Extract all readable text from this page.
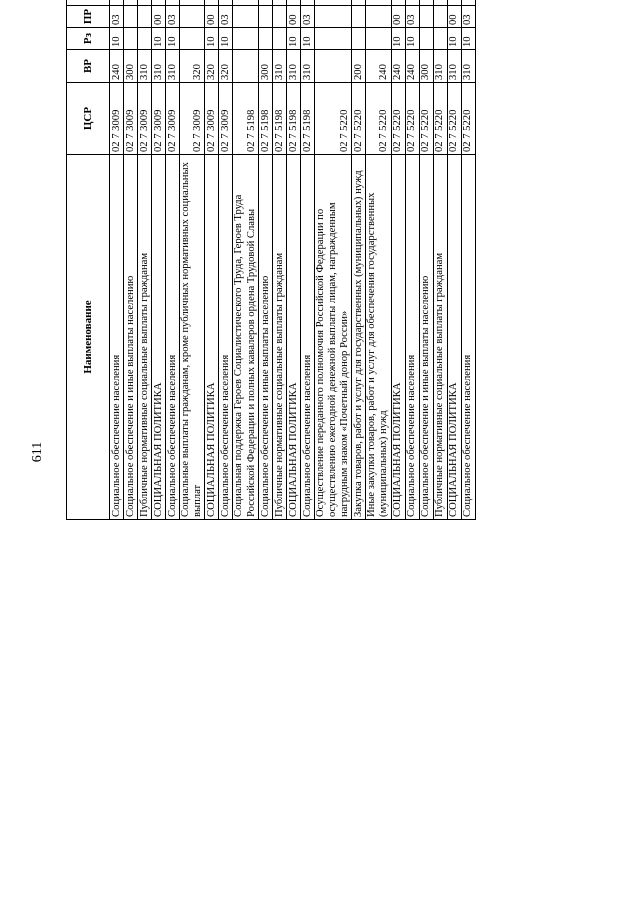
611
Наименование	ЦСР	ВР	Рз	ПР			
Социальное обеспечение населения	02 7 3009	240	10	03			
Социальное обеспечение и иные выплаты населению	02 7 3009	300					
Публичные нормативные социальные выплаты гражданам	02 7 3009	310					
СОЦИАЛЬНАЯ ПОЛИТИКА	02 7 3009	310	10	00			
Социальное обеспечение населения	02 7 3009	310	10	03			
Социальные выплаты гражданам, кроме публичных нормативных социальных выплат	02 7 3009	320					
СОЦИАЛЬНАЯ ПОЛИТИКА	02 7 3009	320	10	00			
Социальное обеспечение населения	02 7 3009	320	10	03			
Социальная поддержка Героев Социалистического Труда, Героев Труда Российской Федерации и полных кавалеров ордена Трудовой Славы	02 7 5198						
Социальное обеспечение и иные выплаты населению	02 7 5198	300					
Публичные нормативные социальные выплаты гражданам	02 7 5198	310					
СОЦИАЛЬНАЯ ПОЛИТИКА	02 7 5198	310	10	00			
Социальное обеспечение населения	02 7 5198	310	10	03			
Осуществление переданного полномочия Российской Федерации по осуществлению ежегодной денежной выплаты лицам, награжденным нагрудным знаком «Почетный донор России»	02 7 5220						
Закупка товаров, работ и услуг для государственных (муниципальных) нужд	02 7 5220	200					
Иные закупки товаров, работ и услуг для обеспечения государственных (муниципальных) нужд	02 7 5220	240					
СОЦИАЛЬНАЯ ПОЛИТИКА	02 7 5220	240	10	00			
Социальное обеспечение населения	02 7 5220	240	10	03			
Социальное обеспечение и иные выплаты населению	02 7 5220	300					
Публичные нормативные социальные выплаты гражданам	02 7 5220	310					
СОЦИАЛЬНАЯ ПОЛИТИКА	02 7 5220	310	10	00			
Социальное обеспечение населения	02 7 5220	310	10	03			
